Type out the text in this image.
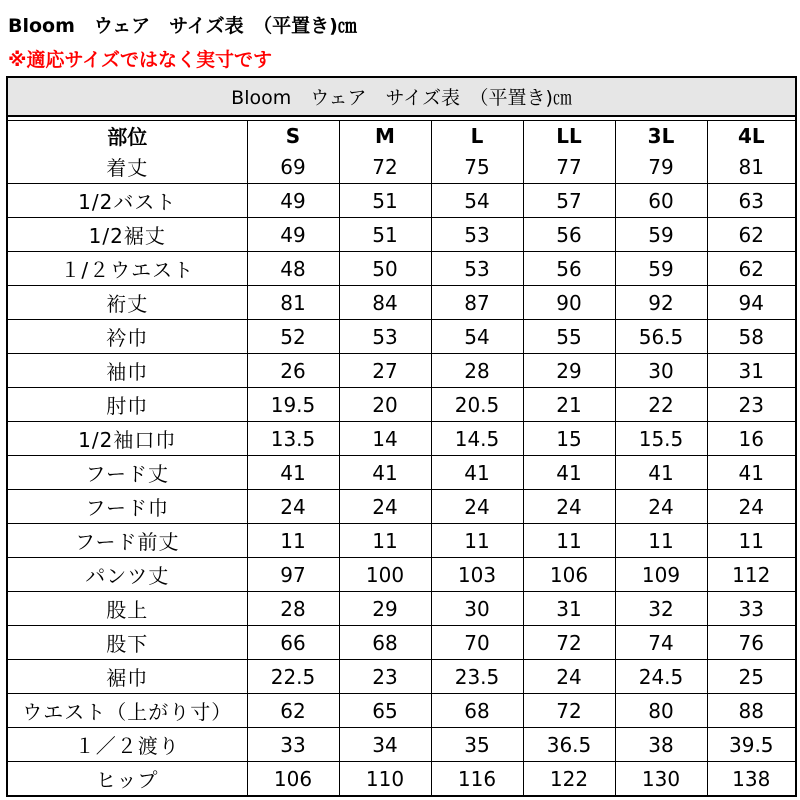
Bloom　ウェア　サイズ表　（平置き)㎝
※適応サイズではなく実寸です
Bloom　ウェア　サイズ表　（平置き)㎝						

部位	S	M	L	LL	3L	4L
着丈	69	72	75	77	79	81
1/2バスト	49	51	54	57	60	63
1/2裾丈	49	51	53	56	59	62
１/２ウエスト	48	50	53	56	59	62
裄丈	81	84	87	90	92	94
衿巾	52	53	54	55	56.5	58
袖巾	26	27	28	29	30	31
肘巾	19.5	20	20.5	21	22	23
1/2袖口巾	13.5	14	14.5	15	15.5	16
フード丈	41	41	41	41	41	41
フード巾	24	24	24	24	24	24
フード前丈	11	11	11	11	11	11
パンツ丈	97	100	103	106	109	112
股上	28	29	30	31	32	33
股下	66	68	70	72	74	76
裾巾	22.5	23	23.5	24	24.5	25
ウエスト（上がり寸）	62	65	68	72	80	88
１／２渡り	33	34	35	36.5	38	39.5
ヒップ	106	110	116	122	130	138
